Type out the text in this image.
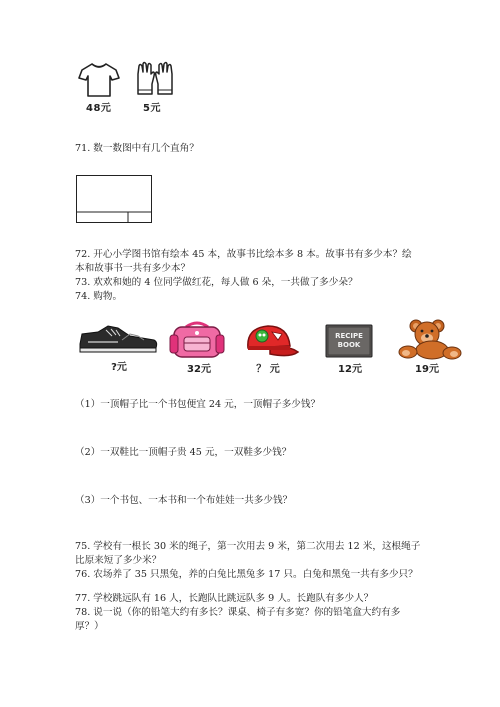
48元	5元
71. 数一数图中有几个直角？
72. 开心小学图书馆有绘本 45 本，故事书比绘本多 8 本。故事书有多少本？绘
本和故事书一共有多少本？
73. 欢欢和她的 4 位同学做红花，每人做 6 朵，一共做了多少朵？
74. 购物。
?元	32元	？ 元
RECIPE
BOOK
12元	19元
（1）一顶帽子比一个书包便宜 24 元，一顶帽子多少钱？
（2）一双鞋比一顶帽子贵 45 元，一双鞋多少钱？
（3）一个书包、一本书和一个布娃娃一共多少钱？
75. 学校有一根长 30 米的绳子，第一次用去 9 米，第二次用去 12 米，这根绳子
比原来短了多少米？
76. 农场养了 35 只黑兔，养的白兔比黑兔多 17 只。白兔和黑兔一共有多少只？
77. 学校跳远队有 16 人，长跑队比跳远队多 9 人。长跑队有多少人？
78. 说一说（你的铅笔大约有多长？课桌、椅子有多宽？你的铅笔盒大约有多
厚？）
